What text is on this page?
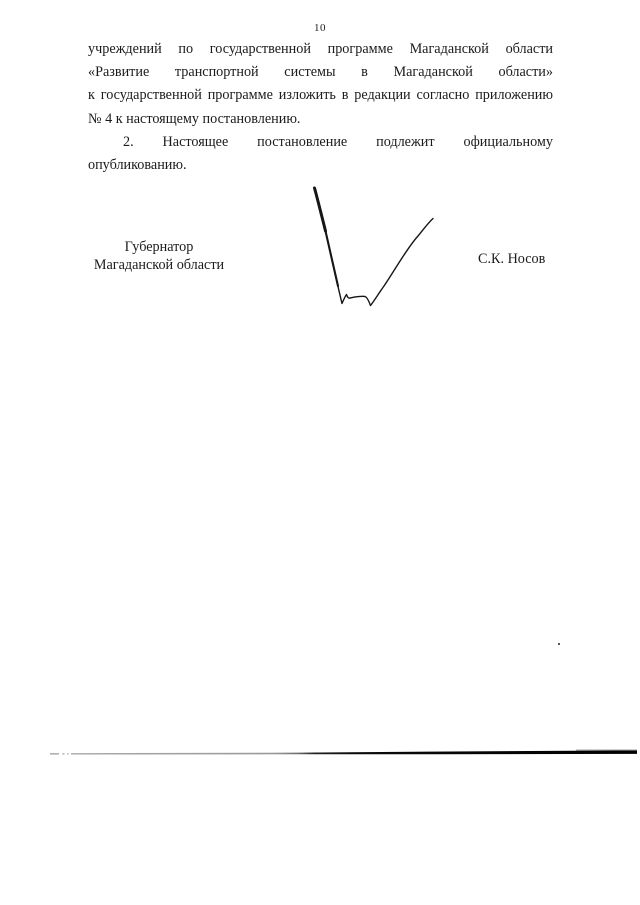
10
учреждений по государственной программе Магаданской области
«Развитие транспортной системы в Магаданской области»
к государственной программе изложить в редакции согласно приложению
№ 4 к настоящему постановлению.
2. Настоящее постановление подлежит официальному
опубликованию.
Губернатор
Магаданской области	С.К. Носов
